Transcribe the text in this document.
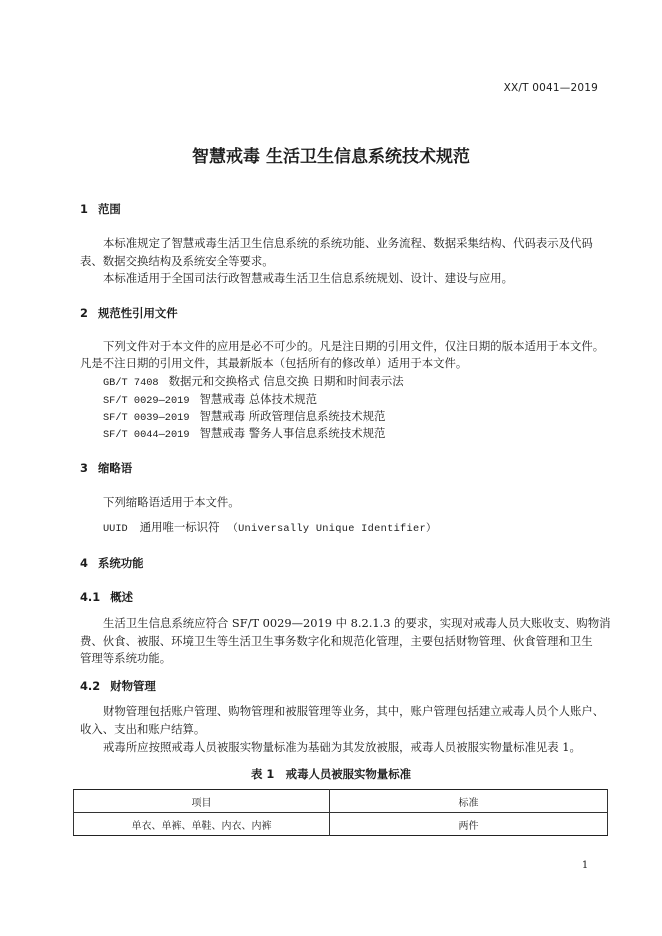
XX/T 0041—2019
智慧戒毒 生活卫生信息系统技术规范
1 范围
本标准规定了智慧戒毒生活卫生信息系统的系统功能、业务流程、数据采集结构、代码表示及代码
表、数据交换结构及系统安全等要求。
本标准适用于全国司法行政智慧戒毒生活卫生信息系统规划、设计、建设与应用。
2 规范性引用文件
下列文件对于本文件的应用是必不可少的。凡是注日期的引用文件，仅注日期的版本适用于本文件。
凡是不注日期的引用文件，其最新版本（包括所有的修改单）适用于本文件。
GB/T 7408 数据元和交换格式 信息交换 日期和时间表示法
SF/T 0029—2019 智慧戒毒 总体技术规范
SF/T 0039—2019 智慧戒毒 所政管理信息系统技术规范
SF/T 0044—2019 智慧戒毒 警务人事信息系统技术规范
3 缩略语
下列缩略语适用于本文件。
UUID 通用唯一标识符 （Universally Unique Identifier）
4 系统功能
4.1 概述
生活卫生信息系统应符合 SF/T 0029—2019 中 8.2.1.3 的要求，实现对戒毒人员大账收支、购物消
费、伙食、被服、环境卫生等生活卫生事务数字化和规范化管理，主要包括财物管理、伙食管理和卫生
管理等系统功能。
4.2 财物管理
财物管理包括账户管理、购物管理和被服管理等业务，其中，账户管理包括建立戒毒人员个人账户、
收入、支出和账户结算。
戒毒所应按照戒毒人员被服实物量标准为基础为其发放被服，戒毒人员被服实物量标准见表 1。
表 1　戒毒人员被服实物量标准
项目	标准
单衣、单裤、单鞋、内衣、内裤	两件
1
